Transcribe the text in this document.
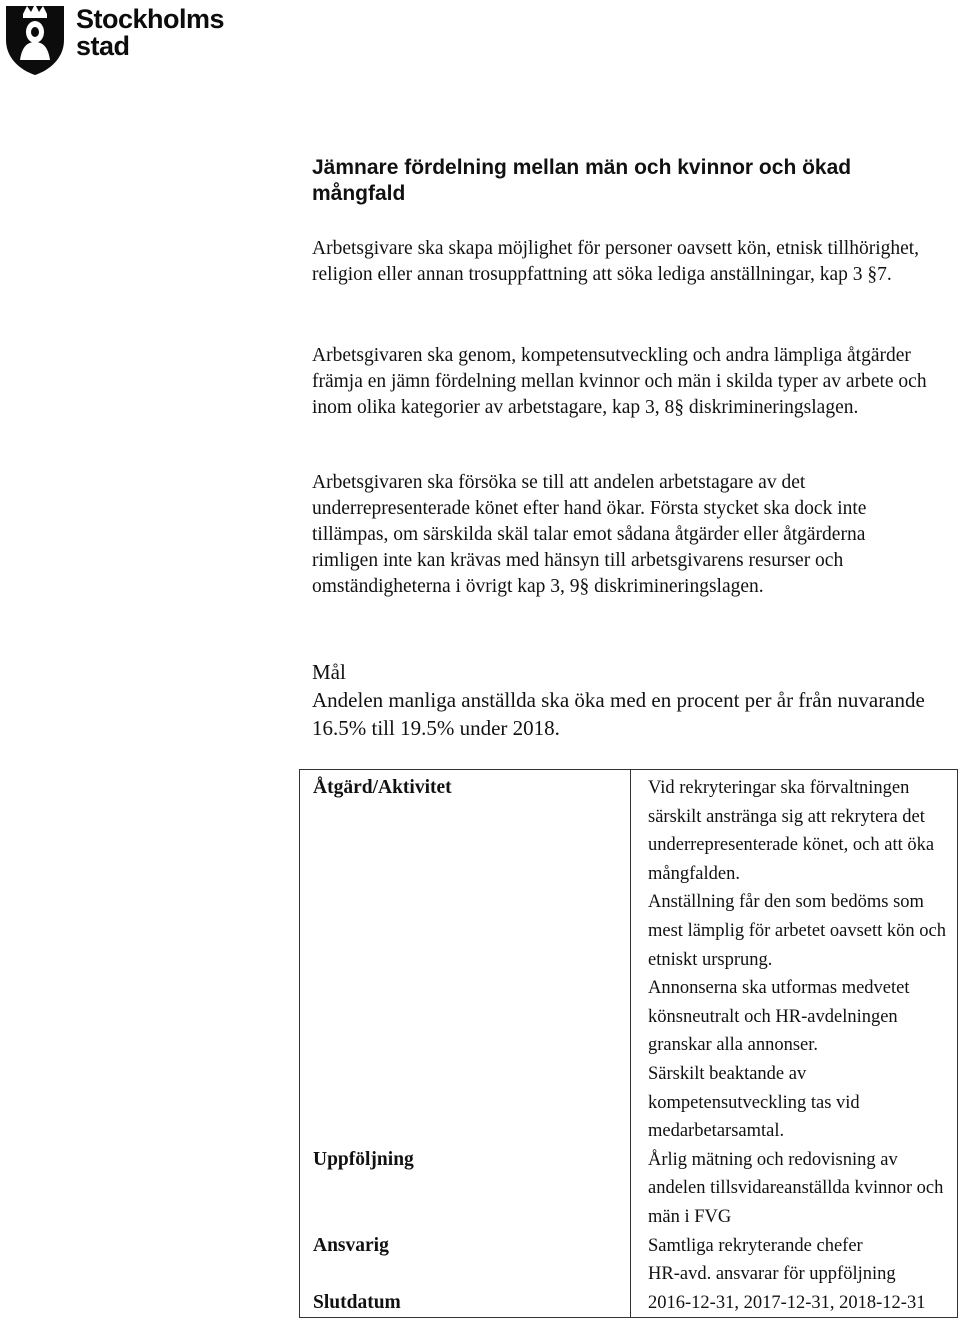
Stockholms
stad
Jämnare fördelning mellan män och kvinnor och ökad mångfald
Arbetsgivare ska skapa möjlighet för personer oavsett kön, etnisk tillhörighet, religion eller annan trosuppfattning att söka lediga anställningar, kap 3 §7.
Arbetsgivaren ska genom, kompetensutveckling och andra lämpliga åtgärder främja en jämn fördelning mellan kvinnor och män i skilda typer av arbete och inom olika kategorier av arbetstagare, kap 3, 8§ diskrimineringslagen.
Arbetsgivaren ska försöka se till att andelen arbetstagare av det underrepresenterade könet efter hand ökar. Första stycket ska dock inte tillämpas, om särskilda skäl talar emot sådana åtgärder eller åtgärderna rimligen inte kan krävas med hänsyn till arbetsgivarens resurser och omständigheterna i övrigt kap 3, 9§ diskrimineringslagen.
Mål
Andelen manliga anställda ska öka med en procent per år från nuvarande 16.5% till 19.5% under 2018.
Åtgärd/Aktivitet	Vid rekryteringar ska förvaltningen särskilt anstränga sig att rekrytera det underrepresenterade könet, och att öka mångfalden.
Anställning får den som bedöms som mest lämplig för arbetet oavsett kön och etniskt ursprung.
Annonserna ska utformas medvetet könsneutralt och HR-avdelningen granskar alla annonser.
Särskilt beaktande av kompetensutveckling tas vid medarbetarsamtal.

Uppföljning	Årlig mätning och redovisning av andelen tillsvidareanställda kvinnor och män i FVG

Ansvarig	Samtliga rekryterande chefer
HR-avd. ansvarar för uppföljning

Slutdatum	2016-12-31, 2017-12-31, 2018-12-31
